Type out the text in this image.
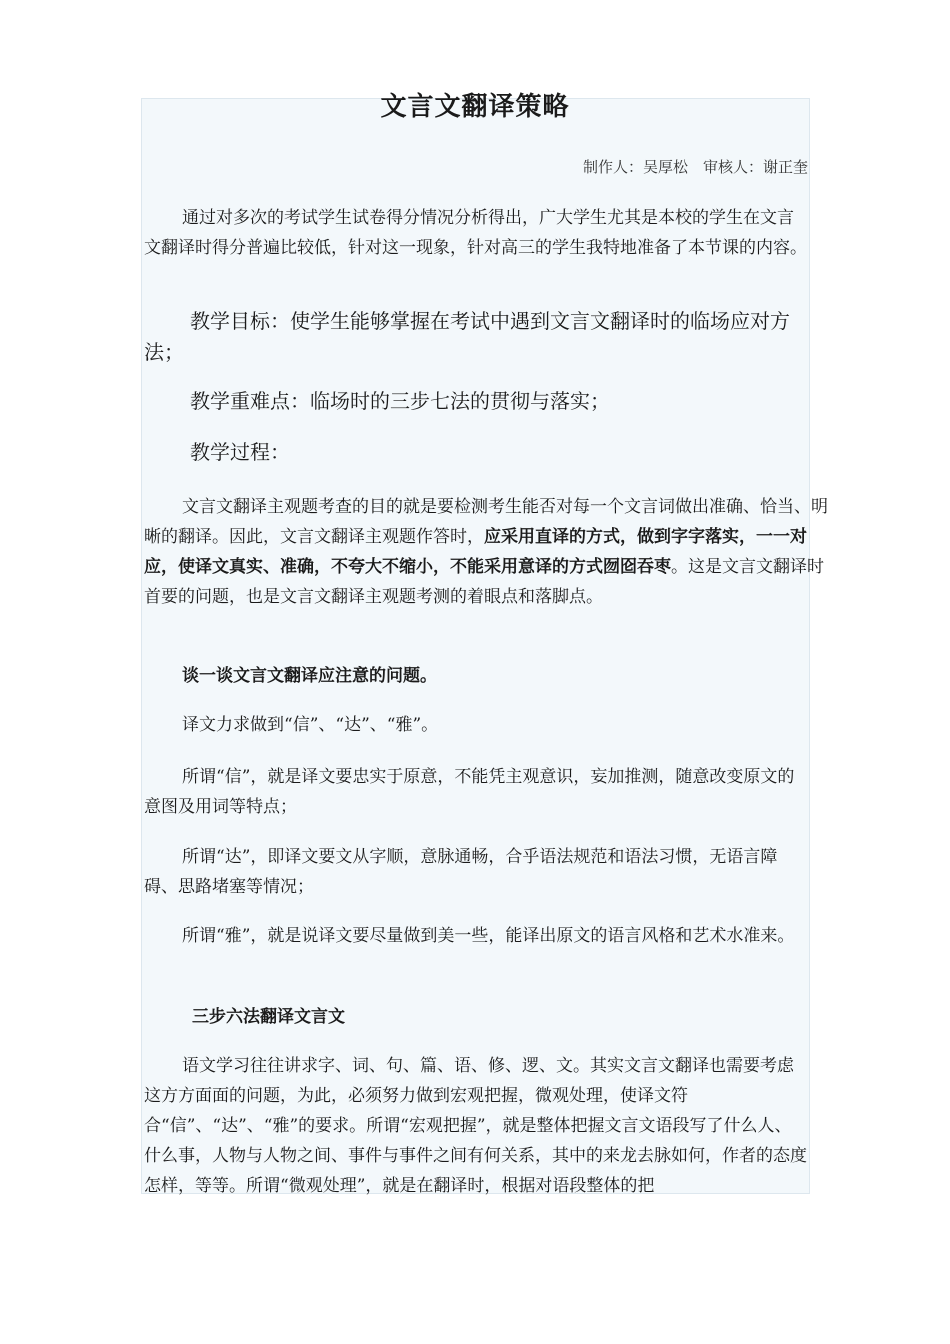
文言文翻译策略
制作人：吴厚松　审核人：谢正奎

通过对多次的考试学生试卷得分情况分析得出，广大学生尤其是本校的学生在文言文翻译时得分普遍比较低，针对这一现象，针对高三的学生我特地准备了本节课的内容。

教学目标：使学生能够掌握在考试中遇到文言文翻译时的临场应对方法；

教学重难点：临场时的三步七法的贯彻与落实；

教学过程：

文言文翻译主观题考查的目的就是要检测考生能否对每一个文言词做出准确、恰当、明晰的翻译。因此，文言文翻译主观题作答时，应采用直译的方式，做到字字落实，一一对应，使译文真实、准确，不夸大不缩小，不能采用意译的方式囫囵吞枣。这是文言文翻译时首要的问题，也是文言文翻译主观题考测的着眼点和落脚点。

谈一谈文言文翻译应注意的问题。

译文力求做到“信”、“达”、“雅”。

所谓“信”，就是译文要忠实于原意，不能凭主观意识，妄加推测，随意改变原文的意图及用词等特点；

所谓“达”，即译文要文从字顺，意脉通畅，合乎语法规范和语法习惯，无语言障碍、思路堵塞等情况；

所谓“雅”，就是说译文要尽量做到美一些，能译出原文的语言风格和艺术水准来。

三步六法翻译文言文

语文学习往往讲求字、词、句、篇、语、修、逻、文。其实文言文翻译也需要考虑这方方面面的问题，为此，必须努力做到宏观把握，微观处理，使译文符合“信”、“达”、“雅”的要求。所谓“宏观把握”，就是整体把握文言文语段写了什么人、什么事，人物与人物之间、事件与事件之间有何关系，其中的来龙去脉如何，作者的态度怎样，等等。所谓“微观处理”，就是在翻译时，根据对语段整体的把
